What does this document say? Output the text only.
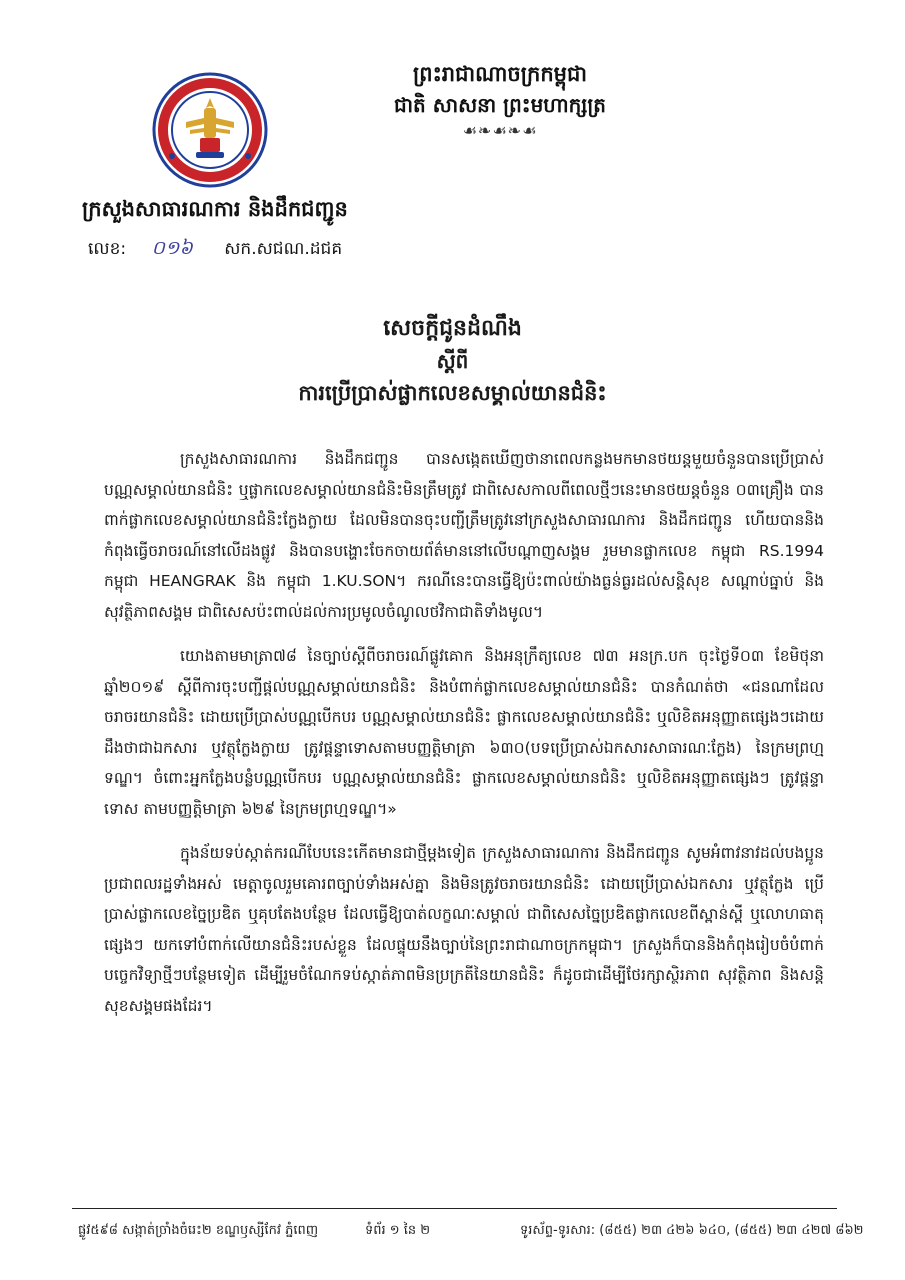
ព្រះរាជាណាចក្រកម្ពុជា
ជាតិ សាសនា ព្រះមហាក្សត្រ
☙❧☙❧☙
ក្រសួងសាធារណការ និងដឹកជញ្ជូន
លេខ: ០១៦ សក.សជណ.ដជគ
សេចក្ដីជូនដំណឹង
ស្ដីពី
ការប្រើប្រាស់ផ្លាកលេខសម្គាល់យានជំនិះ

ក្រសួងសាធារណការ និងដឹកជញ្ជូន បានសង្កេតឃើញថានាពេលកន្លងមកមានថយន្តមួយចំនួនបានប្រើប្រាស់បណ្ណសម្គាល់យានជំនិះ ឬផ្លាកលេខសម្គាល់យានជំនិះមិនត្រឹមត្រូវ ជាពិសេសកាលពីពេលថ្មីៗនេះមានថយន្តចំនួន ០៣គ្រឿង បានពាក់ផ្លាកលេខសម្គាល់យានជំនិះក្លែងក្លាយ ដែលមិនបានចុះបញ្ជីត្រឹមត្រូវនៅក្រសួងសាធារណការ និងដឹកជញ្ជូន ហើយបាននិងកំពុងធ្វើចរាចរណ៍នៅលើដងផ្លូវ និងបានបង្ហោះចែកចាយព័ត៌មាននៅលើបណ្ដាញសង្គម រួមមានផ្លាកលេខ កម្ពុជា RS.1994 កម្ពុជា HEANGRAK និង កម្ពុជា 1.KU.SON។ ករណីនេះបានធ្វើឱ្យប៉ះពាល់យ៉ាងធ្ងន់ធ្ងរដល់សន្តិសុខ សណ្ដាប់ធ្នាប់ និងសុវត្ថិភាពសង្គម ជាពិសេសប៉ះពាល់ដល់ការប្រមូលចំណូលថវិកាជាតិទាំងមូល។

យោងតាមមាត្រា៧៨ នៃច្បាប់ស្ដីពីចរាចរណ៍ផ្លូវគោក និងអនុក្រឹត្យលេខ ៧៣ អនក្រ.បក ចុះថ្ងៃទី០៣ ខែមិថុនា ឆ្នាំ២០១៩ ស្ដីពីការចុះបញ្ជីផ្ដល់បណ្ណសម្គាល់យានជំនិះ និងបំពាក់ផ្លាកលេខសម្គាល់យានជំនិះ បានកំណត់ថា «ជនណាដែលចរាចរយានជំនិះ ដោយប្រើប្រាស់បណ្ណបើកបរ បណ្ណសម្គាល់យានជំនិះ ផ្លាកលេខសម្គាល់យានជំនិះ ឬលិខិតអនុញ្ញាតផ្សេងៗដោយដឹងថាជាឯកសារ ឬវត្ថុក្លែងក្លាយ ត្រូវផ្ដន្ទាទោសតាមបញ្ញត្តិមាត្រា ៦៣០(បទប្រើប្រាស់ឯកសារសាធារណៈក្លែង) នៃក្រមព្រហ្មទណ្ឌ។ ចំពោះអ្នកក្លែងបន្លំបណ្ណបើកបរ បណ្ណសម្គាល់យានជំនិះ ផ្លាកលេខសម្គាល់យានជំនិះ ឬលិខិតអនុញ្ញាតផ្សេងៗ ត្រូវផ្ដន្ទាទោស តាមបញ្ញត្តិមាត្រា ៦២៩ នៃក្រមព្រហ្មទណ្ឌ។»

ក្នុងន័យទប់ស្កាត់ករណីបែបនេះកើតមានជាថ្មីម្ដងទៀត ក្រសួងសាធារណការ និងដឹកជញ្ជូន សូមអំពាវនាវដល់បងប្អូនប្រជាពលរដ្ឋទាំងអស់ មេត្តាចូលរួមគោរពច្បាប់ទាំងអស់គ្នា និងមិនត្រូវចរាចរយានជំនិះ ដោយប្រើប្រាស់ឯកសារ ឬវត្ថុក្លែង ប្រើប្រាស់ផ្លាកលេខច្នៃប្រឌិត ឬគុបតែងបន្ថែម ដែលធ្វើឱ្យបាត់លក្ខណៈសម្គាល់ ជាពិសេសច្នៃប្រឌិតផ្លាកលេខពីស្ពាន់ស្ពី ឬលោហធាតុផ្សេងៗ យកទៅបំពាក់លើយានជំនិះរបស់ខ្លួន ដែលផ្ទុយនឹងច្បាប់នៃព្រះរាជាណាចក្រកម្ពុជា។ ក្រសួងក៏បាននិងកំពុងរៀបចំបំពាក់បច្ចេកវិទ្យាថ្មីៗបន្ថែមទៀត ដើម្បីរួមចំណែកទប់ស្កាត់ភាពមិនប្រក្រតីនៃយានជំនិះ ក៏ដូចជាដើម្បីថែរក្សាស្ថិរភាព សុវត្ថិភាព និងសន្តិសុខសង្គមផងដែរ។

ផ្លូវ៥៩៨ សង្កាត់ច្រាំងចំរេះ២ ខណ្ឌឫស្សីកែវ ភ្នំពេញ	ទំព័រ ១ នៃ ២	ទូរស័ព្ទ-ទូរសារ: (៨៥៥) ២៣ ៤២៦ ៦៤០, (៨៥៥) ២៣ ៤២៧ ៨៦២
